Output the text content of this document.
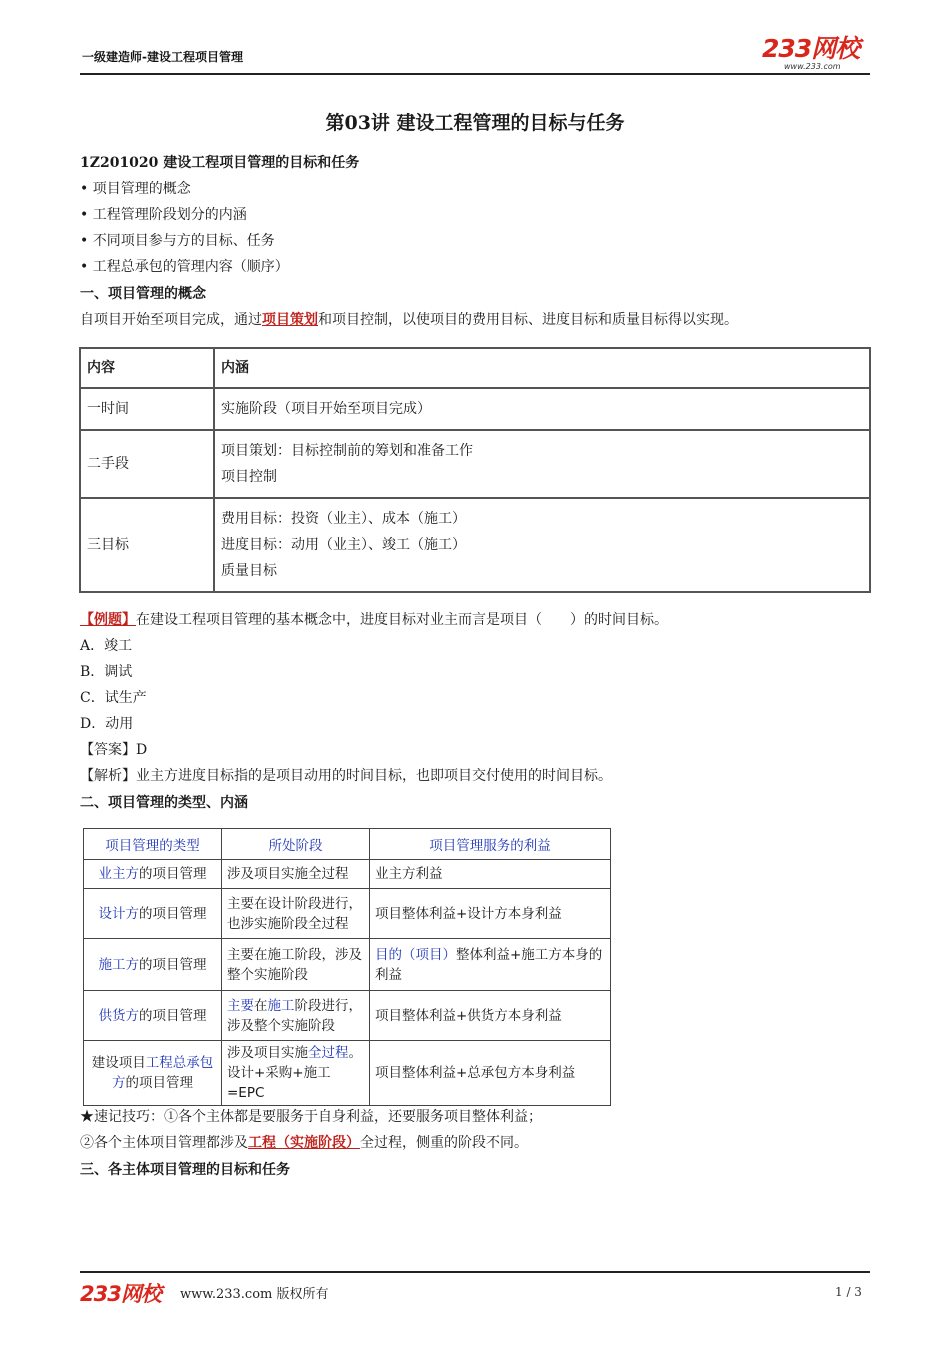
一级建造师-建设工程项目管理	233网校
www.233.com
第03讲 建设工程管理的目标与任务
1Z201020 建设工程项目管理的目标和任务
• 项目管理的概念
• 工程管理阶段划分的内涵
• 不同项目参与方的目标、任务
• 工程总承包的管理内容（顺序）
一、项目管理的概念
自项目开始至项目完成，通过项目策划和项目控制，以使项目的费用目标、进度目标和质量目标得以实现。
内容	内涵
一时间	实施阶段（项目开始至项目完成）

二手段	项目策划：目标控制前的筹划和准备工作
项目控制

三目标	费用目标：投资（业主）、成本（施工）
进度目标：动用（业主）、竣工（施工）
质量目标
【例题】在建设工程项目管理的基本概念中，进度目标对业主而言是项目（　　）的时间目标。
A．竣工
B．调试
C．试生产
D．动用
【答案】D
【解析】业主方进度目标指的是项目动用的时间目标，也即项目交付使用的时间目标。
二、项目管理的类型、内涵
项目管理的类型	所处阶段	项目管理服务的利益
业主方的项目管理	涉及项目实施全过程	业主方利益
设计方的项目管理	主要在设计阶段进行，也涉实施阶段全过程	项目整体利益+设计方本身利益
施工方的项目管理	主要在施工阶段，涉及整个实施阶段	目的（项目）整体利益+施工方本身的利益
供货方的项目管理	主要在施工阶段进行，涉及整个实施阶段	项目整体利益+供货方本身利益
建设项目工程总承包方的项目管理	涉及项目实施全过程。设计+采购+施工=EPC	项目整体利益+总承包方本身利益
★速记技巧：①各个主体都是要服务于自身利益，还要服务项目整体利益；
②各个主体项目管理都涉及工程（实施阶段）全过程，侧重的阶段不同。
三、各主体项目管理的目标和任务
233网校 www.233.com 版权所有	1 / 3
